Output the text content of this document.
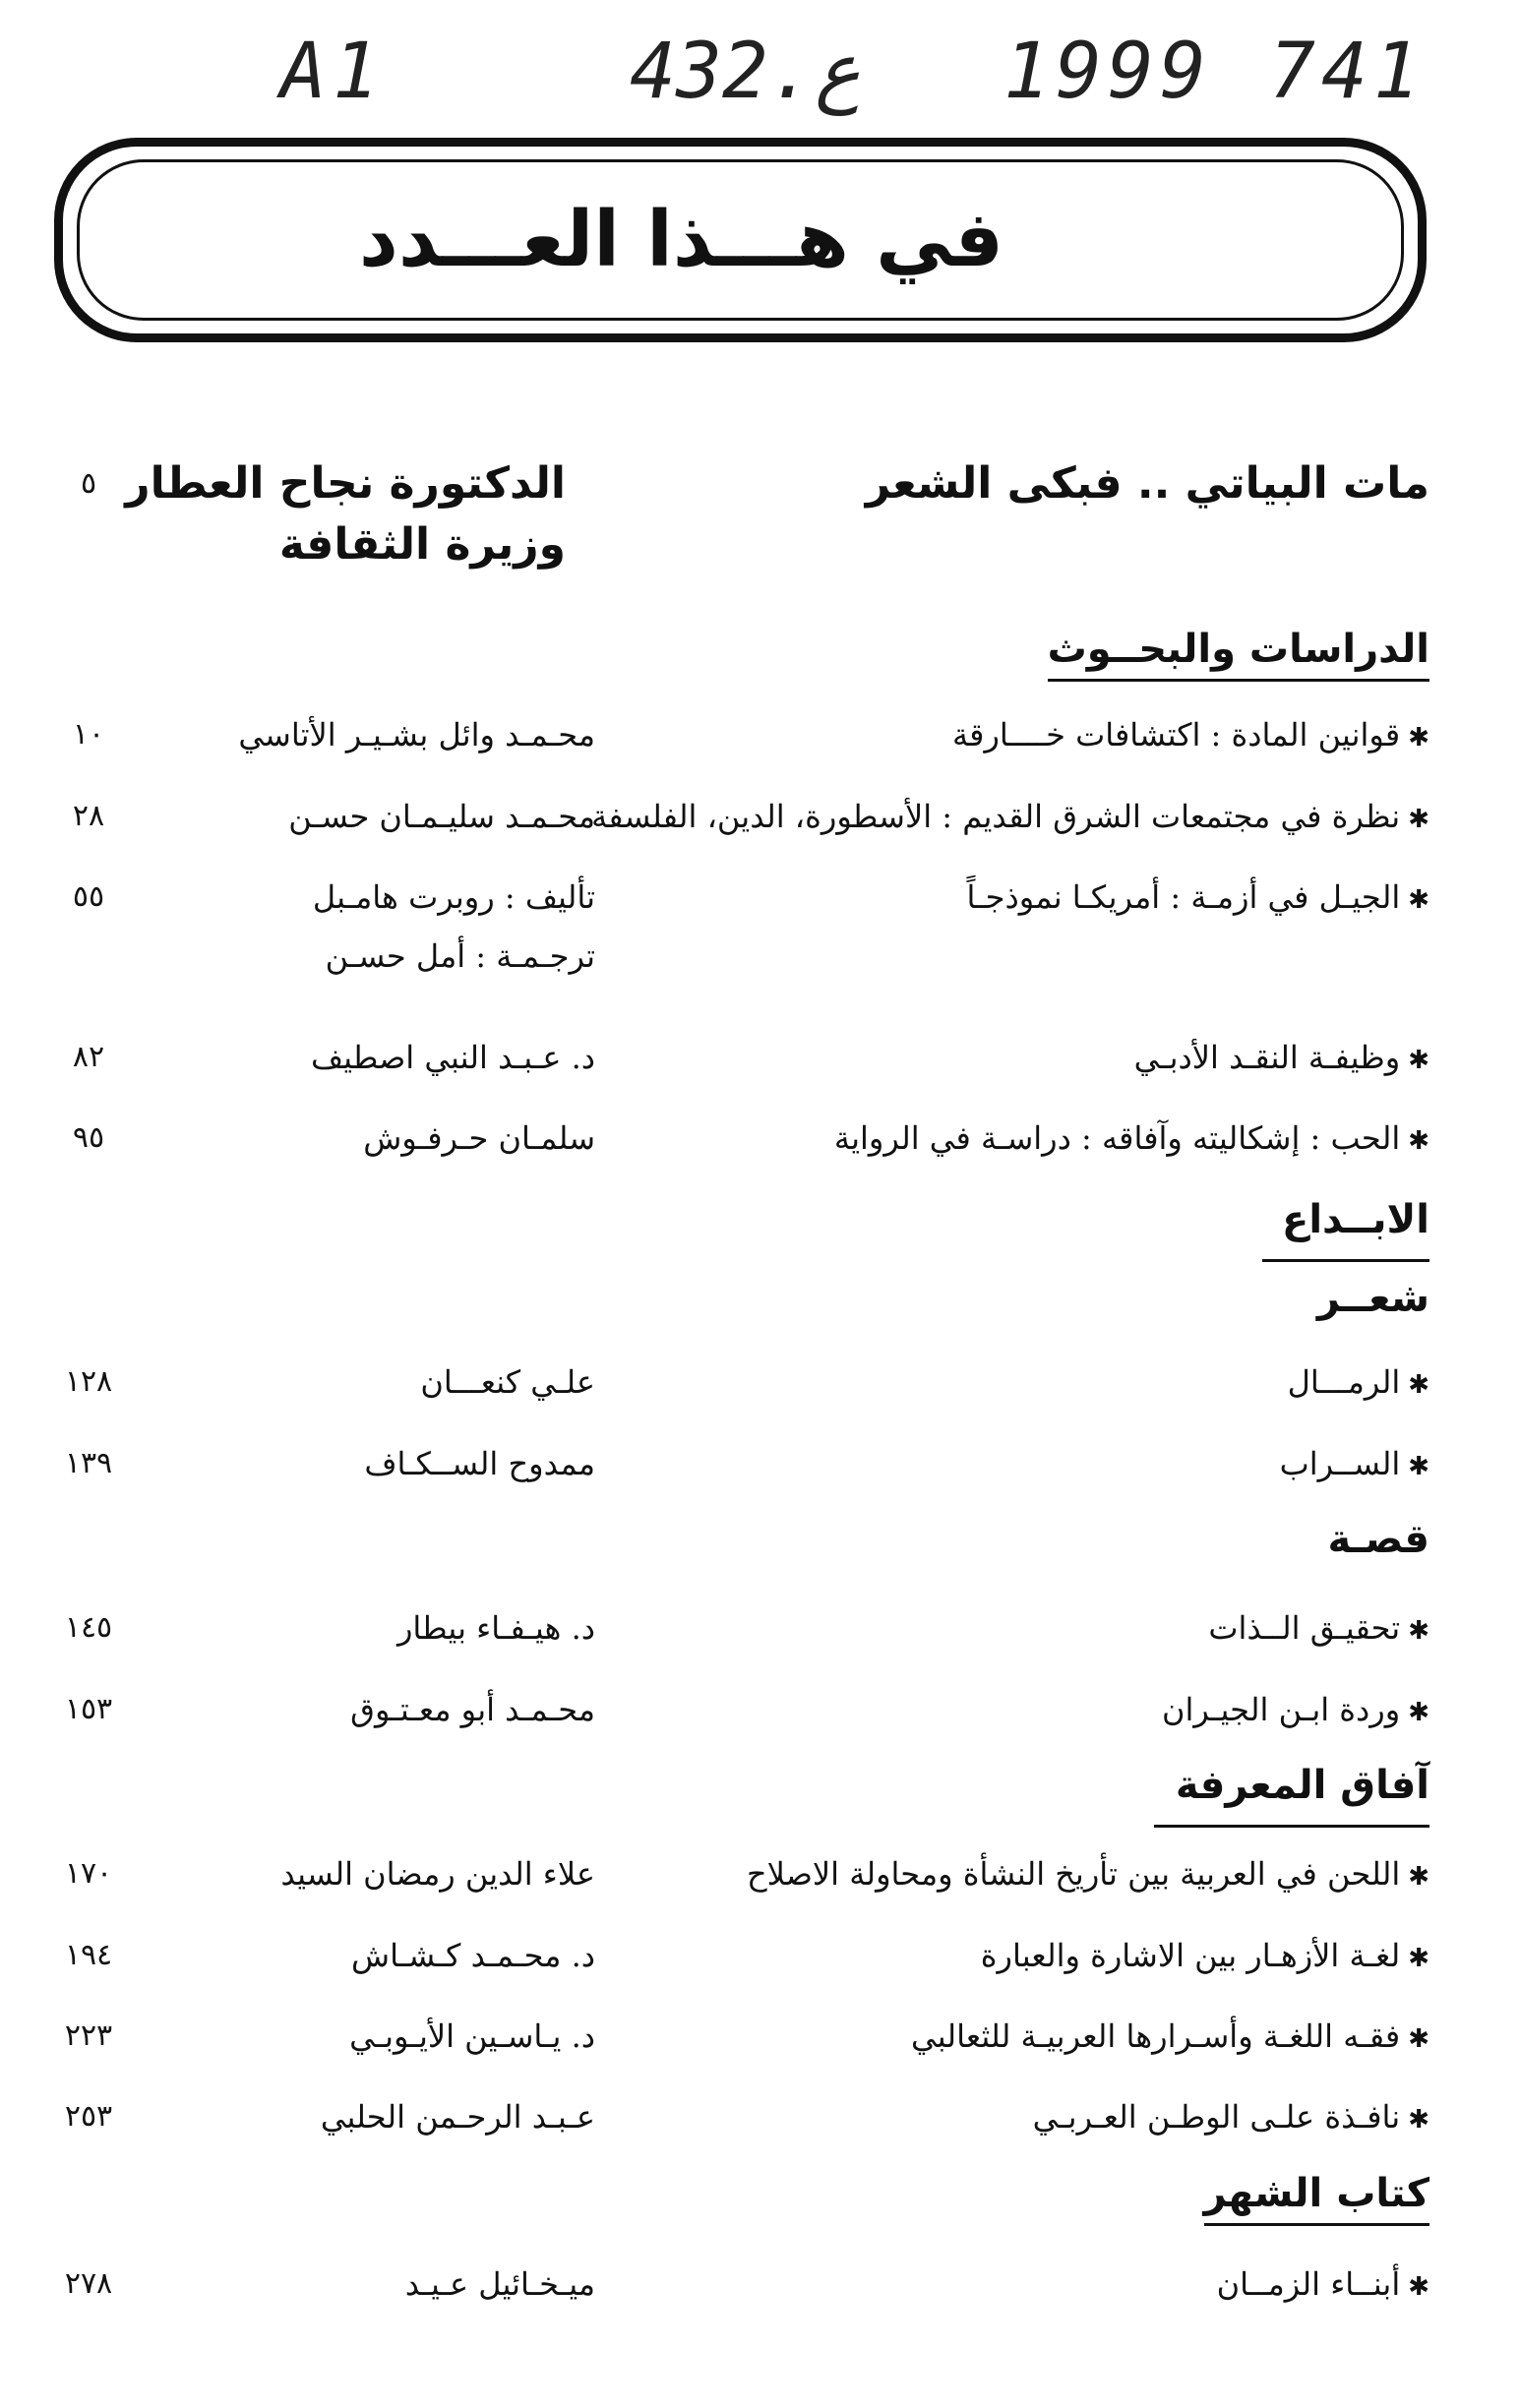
A1	432.ع	1999 741
في هـــذا العـــدد
مات البياتي .. فبكى الشعر
الدكتورة نجاح العطار
وزيرة الثقافة
٥
الدراسات والبحــوث
✱قوانين المادة : اكتشافات خــــارقة
محـمـد وائل بشـيـر الأتاسي
١٠
✱نظرة في مجتمعات الشرق القديم : الأسطورة، الدين، الفلسفة
محـمـد سليـمـان حسـن
٢٨
✱الجيـل في أزمـة : أمريكـا نموذجـاً
تأليف : روبرت هامـبل
ترجـمـة : أمل حسـن
٥٥
✱وظيفـة النقـد الأدبـي
د. عـبـد النبي اصطيف
٨٢
✱الحب : إشكاليته وآفاقه : دراسـة في الرواية
سلمـان حـرفـوش
٩٥
الابــداع
شعــر
✱الرمـــال
علـي كنعـــان
١٢٨
✱الســراب
ممدوح الســكـاف
١٣٩
قصـة
✱تحقيـق الــذات
د. هيـفـاء بيطار
١٤٥
✱وردة ابـن الجيـران
محـمـد أبو معـتـوق
١٥٣
آفاق المعرفة
✱اللحن في العربية بين تأريخ النشأة ومحاولة الاصلاح
علاء الدين رمضان السيد
١٧٠
✱لغـة الأزهـار بين الاشارة والعبارة
د. محـمـد كـشـاش
١٩٤
✱فقـه اللغـة وأسـرارها العربيـة للثعالبي
د. يـاسـين الأيـوبـي
٢٢٣
✱نافـذة علـى الوطـن العـربـي
عـبـد الرحـمن الحلبي
٢٥٣
كتاب الشهر
✱أبنــاء الزمــان
ميـخـائيل عـيـد
٢٧٨
